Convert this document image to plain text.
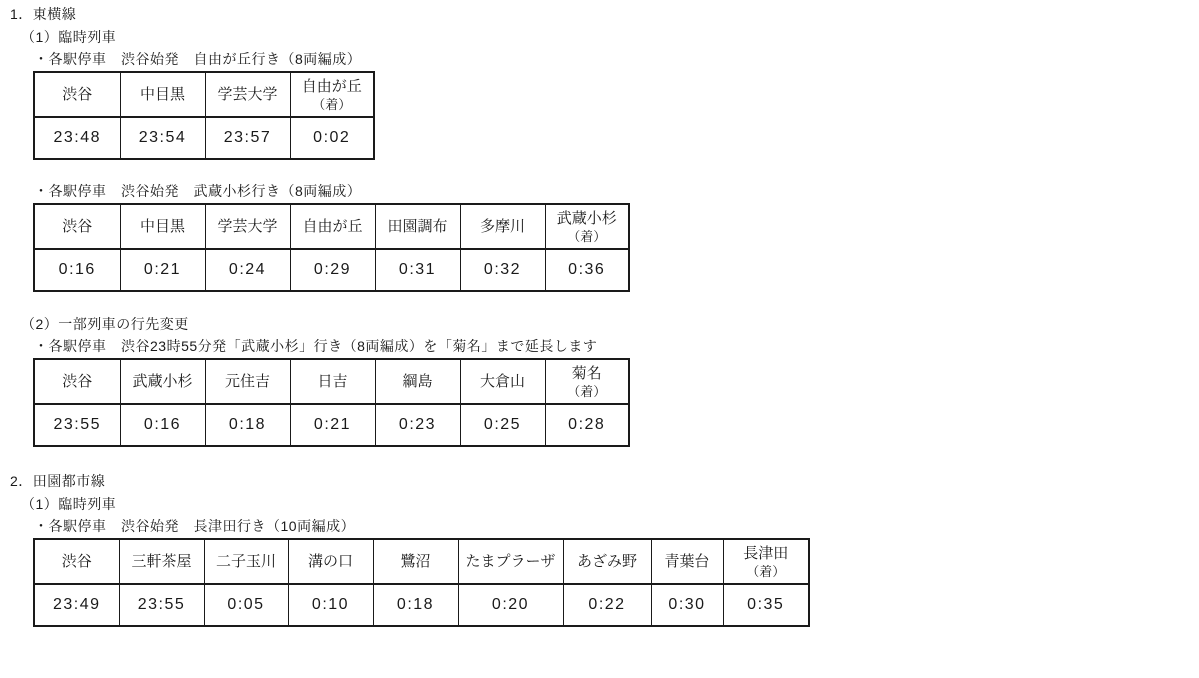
1．東横線
（1）臨時列車
・各駅停車　渋谷始発　自由が丘行き（8両編成）
渋谷	中目黒	学芸大学	自由が丘
（着）

23:48	23:54	23:57	0:02
・各駅停車　渋谷始発　武蔵小杉行き（8両編成）
渋谷	中目黒	学芸大学	自由が丘	田園調布	多摩川	武蔵小杉
（着）

0:16	0:21	0:24	0:29	0:31	0:32	0:36
（2）一部列車の行先変更
・各駅停車　渋谷23時55分発「武蔵小杉」行き（8両編成）を「菊名」まで延長します
渋谷	武蔵小杉	元住吉	日吉	綱島	大倉山	菊名
（着）

23:55	0:16	0:18	0:21	0:23	0:25	0:28
2．田園都市線
（1）臨時列車
・各駅停車　渋谷始発　長津田行き（10両編成）
渋谷	三軒茶屋	二子玉川	溝の口	鷺沼	たまプラーザ	あざみ野	青葉台	長津田
（着）

23:49	23:55	0:05	0:10	0:18	0:20	0:22	0:30	0:35
